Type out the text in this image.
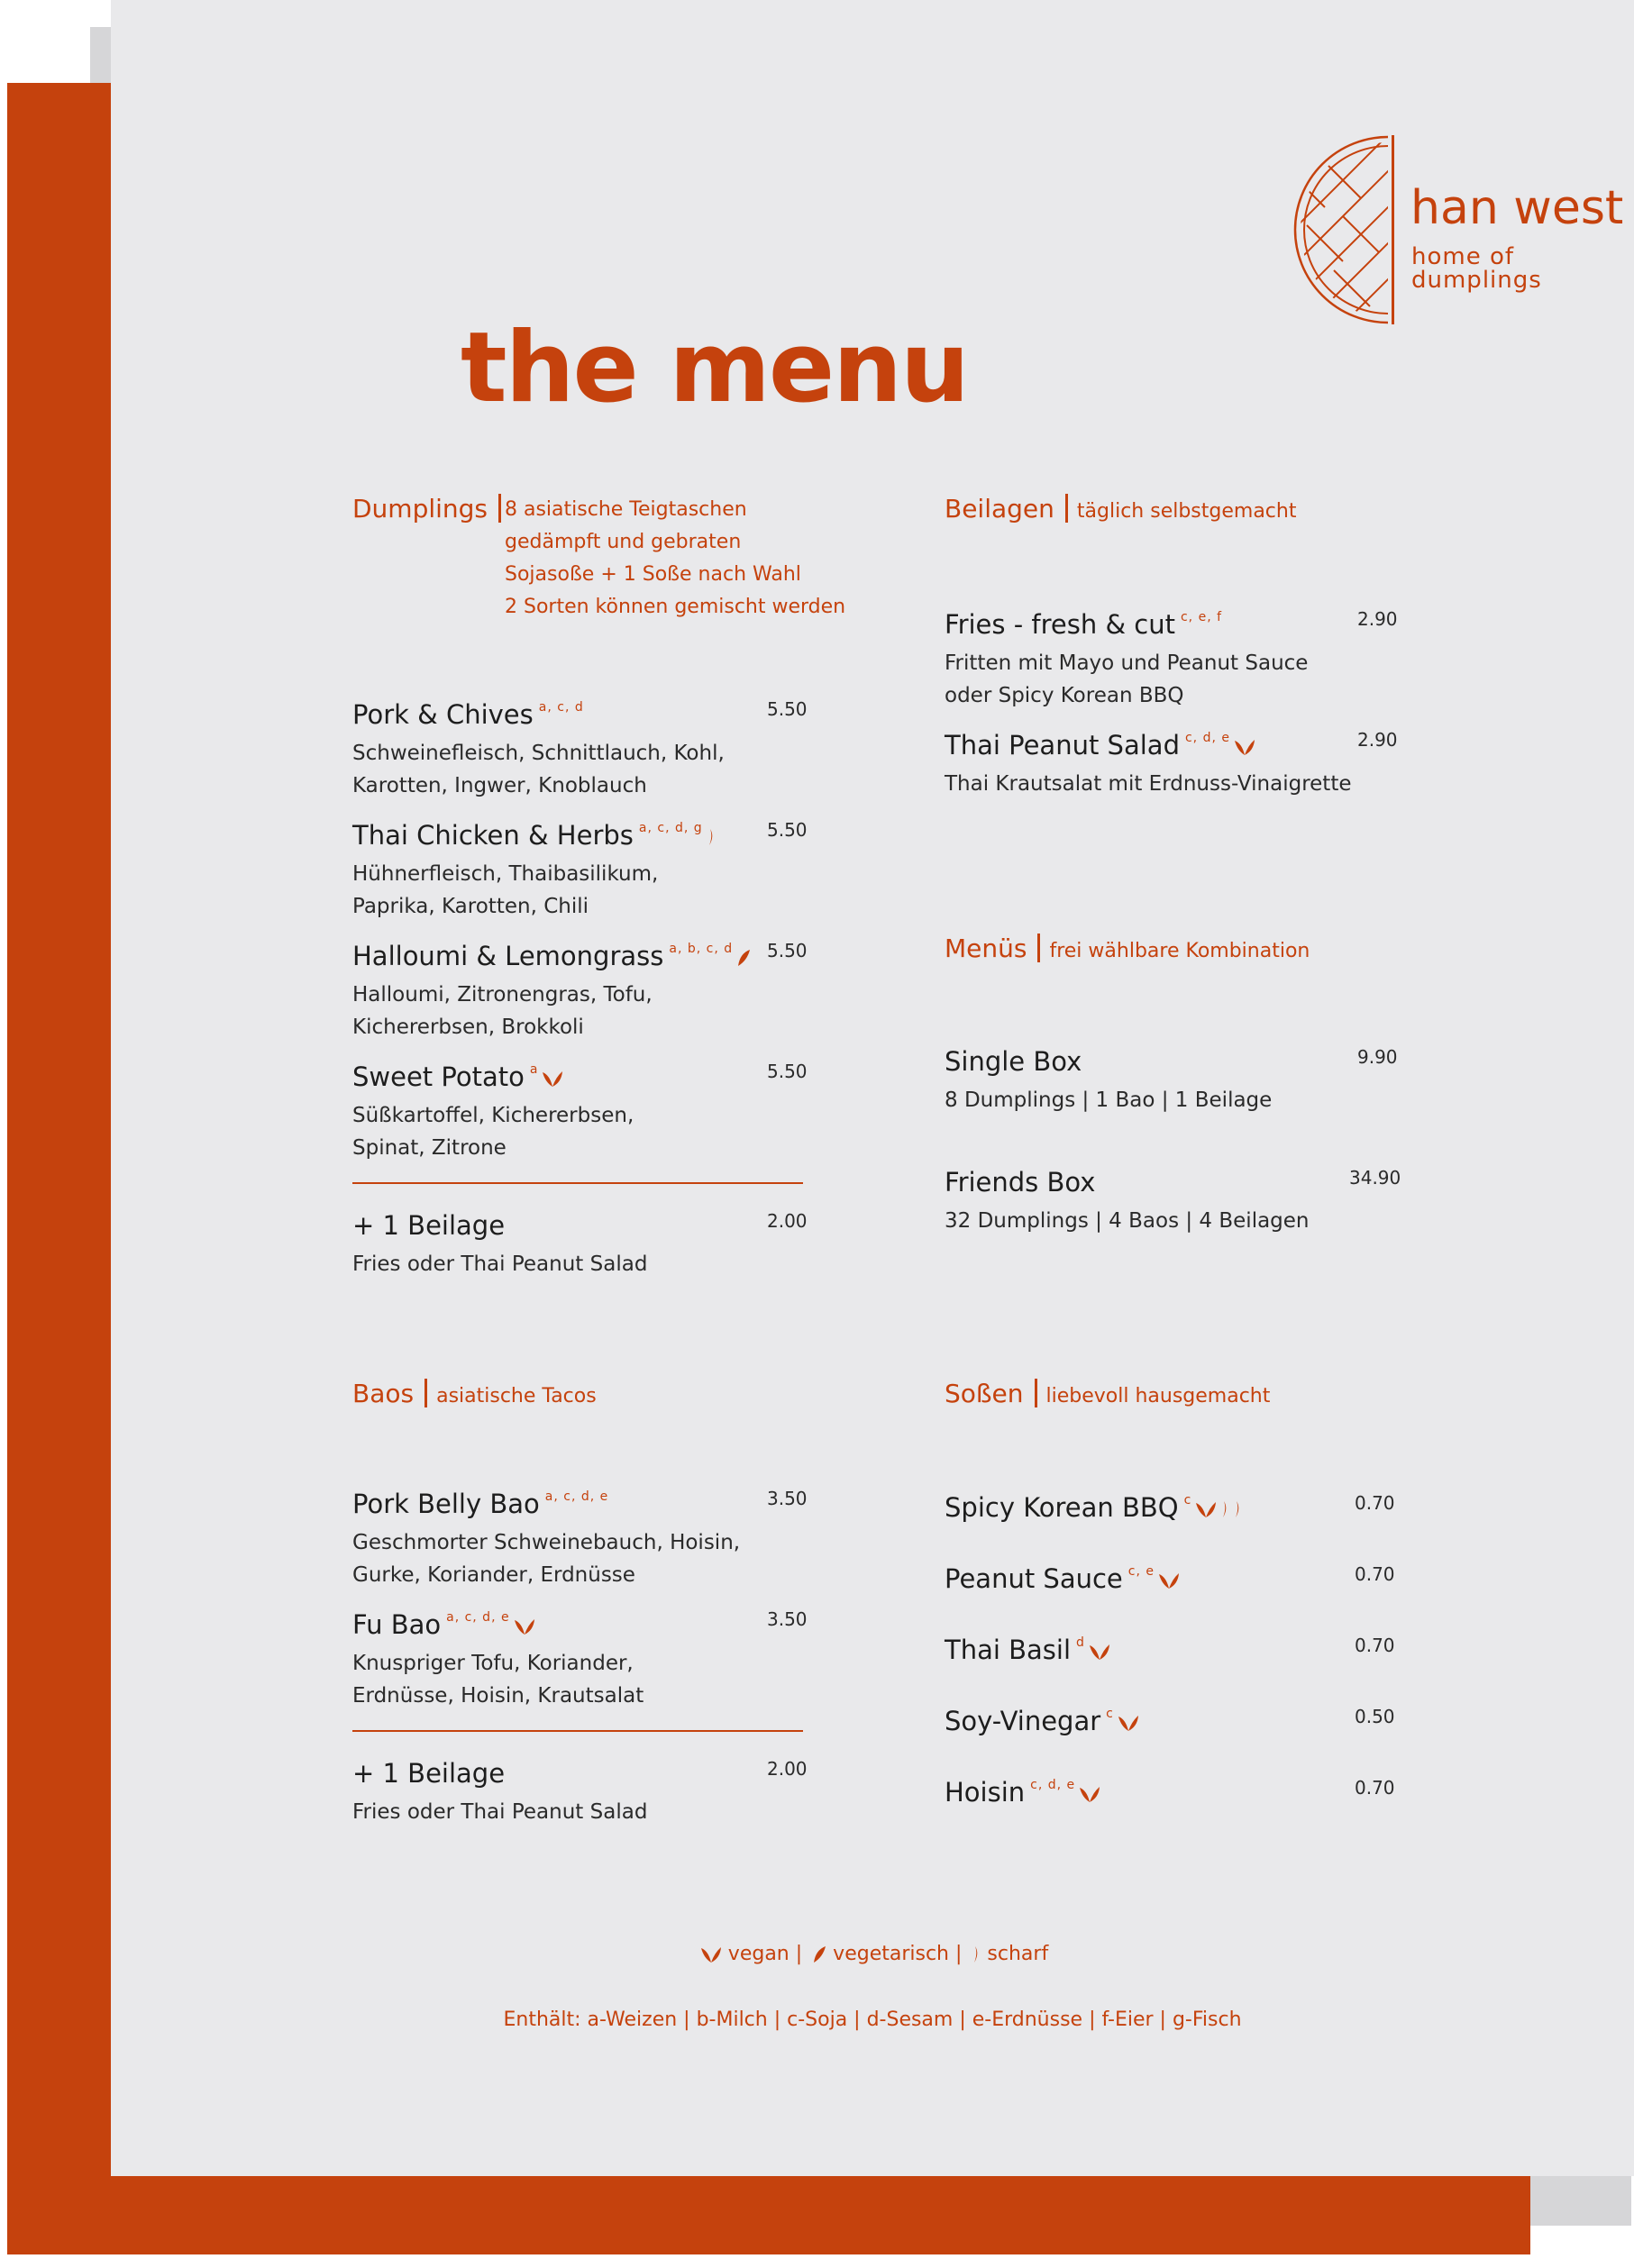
han west
home of dumplings
the menu
Dumplings 8 asiatische Teigtaschen
gedämpft und gebraten
Sojasoße + 1 Soße nach Wahl
2 Sorten können gemischt werden
Pork & Chives $^{a, c, d}$
Schweinefleisch, Schnittlauch, Kohl,
Karotten, Ingwer, Knoblauch
5.50
Thai Chicken & Herbs $^{a, c, d, g}$
Hühnerfleisch, Thaibasilikum,
Paprika, Karotten, Chili
5.50
Halloumi & Lemongrass $^{a, b, c, d}$
Halloumi, Zitronengras, Tofu,
Kichererbsen, Brokkoli
5.50
Sweet Potato $^a$
Süßkartoffel, Kichererbsen,
Spinat, Zitrone
5.50
+ 1 Beilage
Fries oder Thai Peanut Salad
2.00
Baos asiatische Tacos
Pork Belly Bao $^{a, c, d, e}$
Geschmorter Schweinebauch, Hoisin,
Gurke, Koriander, Erdnüsse
3.50
Fu Bao $^{a, c, d, e}$
Knuspriger Tofu, Koriander,
Erdnüsse, Hoisin, Krautsalat
3.50
+ 1 Beilage
Fries oder Thai Peanut Salad
2.00
Beilagen täglich selbstgemacht
Fries - fresh & cut $^{c, e, f}$
Fritten mit Mayo und Peanut Sauce
oder Spicy Korean BBQ
2.90
Thai Peanut Salad $^{c, d, e}$
Thai Krautsalat mit Erdnuss-Vinaigrette
2.90
Menüs frei wählbare Kombination
Single Box
8 Dumplings | 1 Bao | 1 Beilage
9.90
Friends Box
32 Dumplings | 4 Baos | 4 Beilagen
34.90
Soßen liebevoll hausgemacht
Spicy Korean BBQ $^c$	0.70
Peanut Sauce $^{c, e}$	0.70
Thai Basil $^d$	0.70
Soy-Vinegar $^c$	0.50
Hoisin $^{c, d, e}$	0.70
vegan | vegetarisch | scharf
Enthält: a-Weizen | b-Milch | c-Soja | d-Sesam | e-Erdnüsse | f-Eier | g-Fisch
